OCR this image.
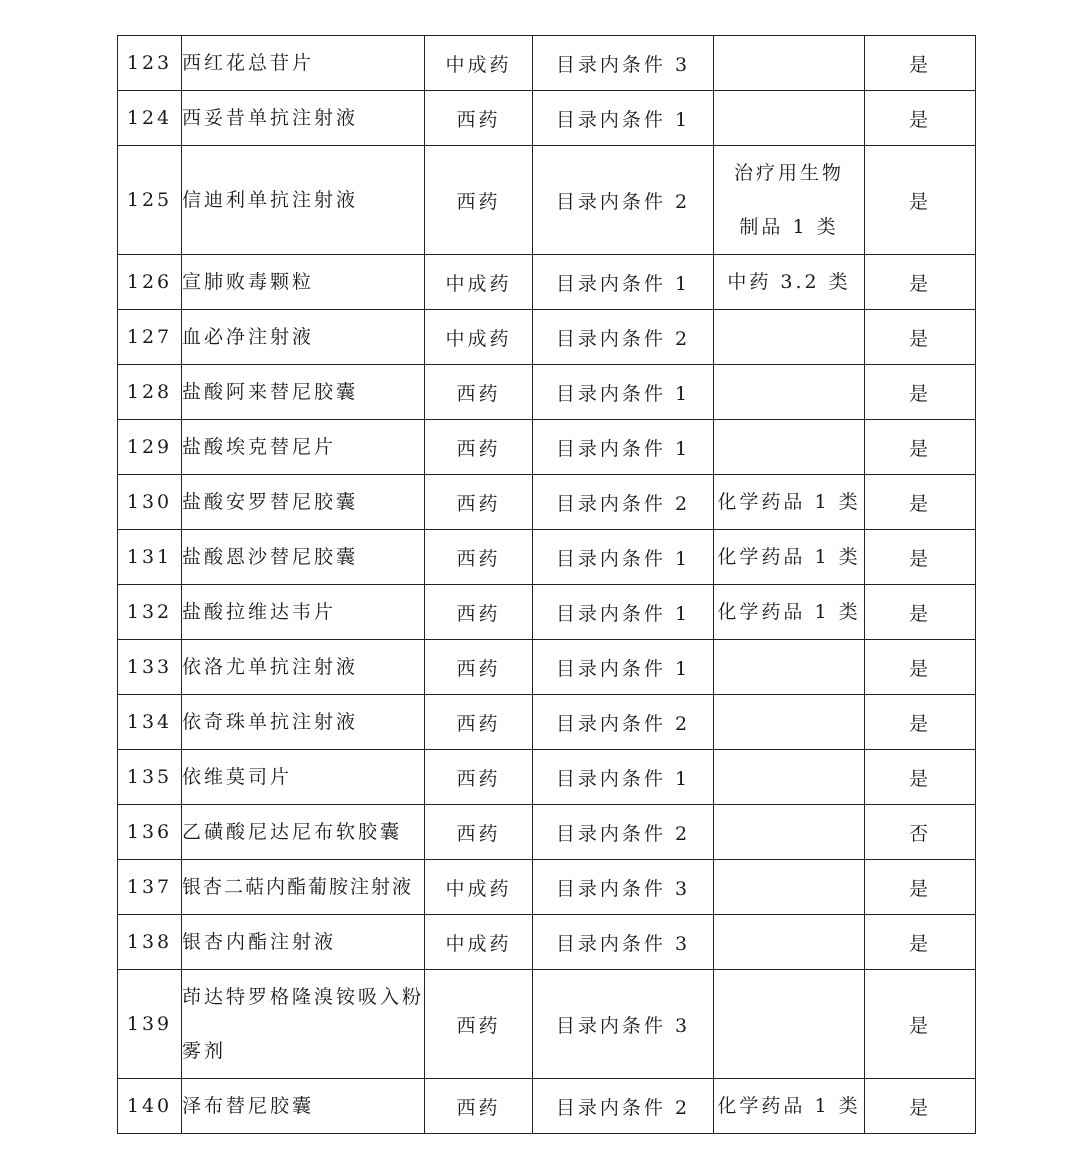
123	西红花总苷片	中成药	目录内条件 3		是
124	西妥昔单抗注射液	西药	目录内条件 1		是
125	信迪利单抗注射液	西药	目录内条件 2	治疗用生物制品 1 类	是
126	宣肺败毒颗粒	中成药	目录内条件 1	中药 3.2 类	是
127	血必净注射液	中成药	目录内条件 2		是
128	盐酸阿来替尼胶囊	西药	目录内条件 1		是
129	盐酸埃克替尼片	西药	目录内条件 1		是
130	盐酸安罗替尼胶囊	西药	目录内条件 2	化学药品 1 类	是
131	盐酸恩沙替尼胶囊	西药	目录内条件 1	化学药品 1 类	是
132	盐酸拉维达韦片	西药	目录内条件 1	化学药品 1 类	是
133	依洛尤单抗注射液	西药	目录内条件 1		是
134	依奇珠单抗注射液	西药	目录内条件 2		是
135	依维莫司片	西药	目录内条件 1		是
136	乙磺酸尼达尼布软胶囊	西药	目录内条件 2		否
137	银杏二萜内酯葡胺注射液	中成药	目录内条件 3		是
138	银杏内酯注射液	中成药	目录内条件 3		是
139	茚达特罗格隆溴铵吸入粉雾剂	西药	目录内条件 3		是
140	泽布替尼胶囊	西药	目录内条件 2	化学药品 1 类	是
